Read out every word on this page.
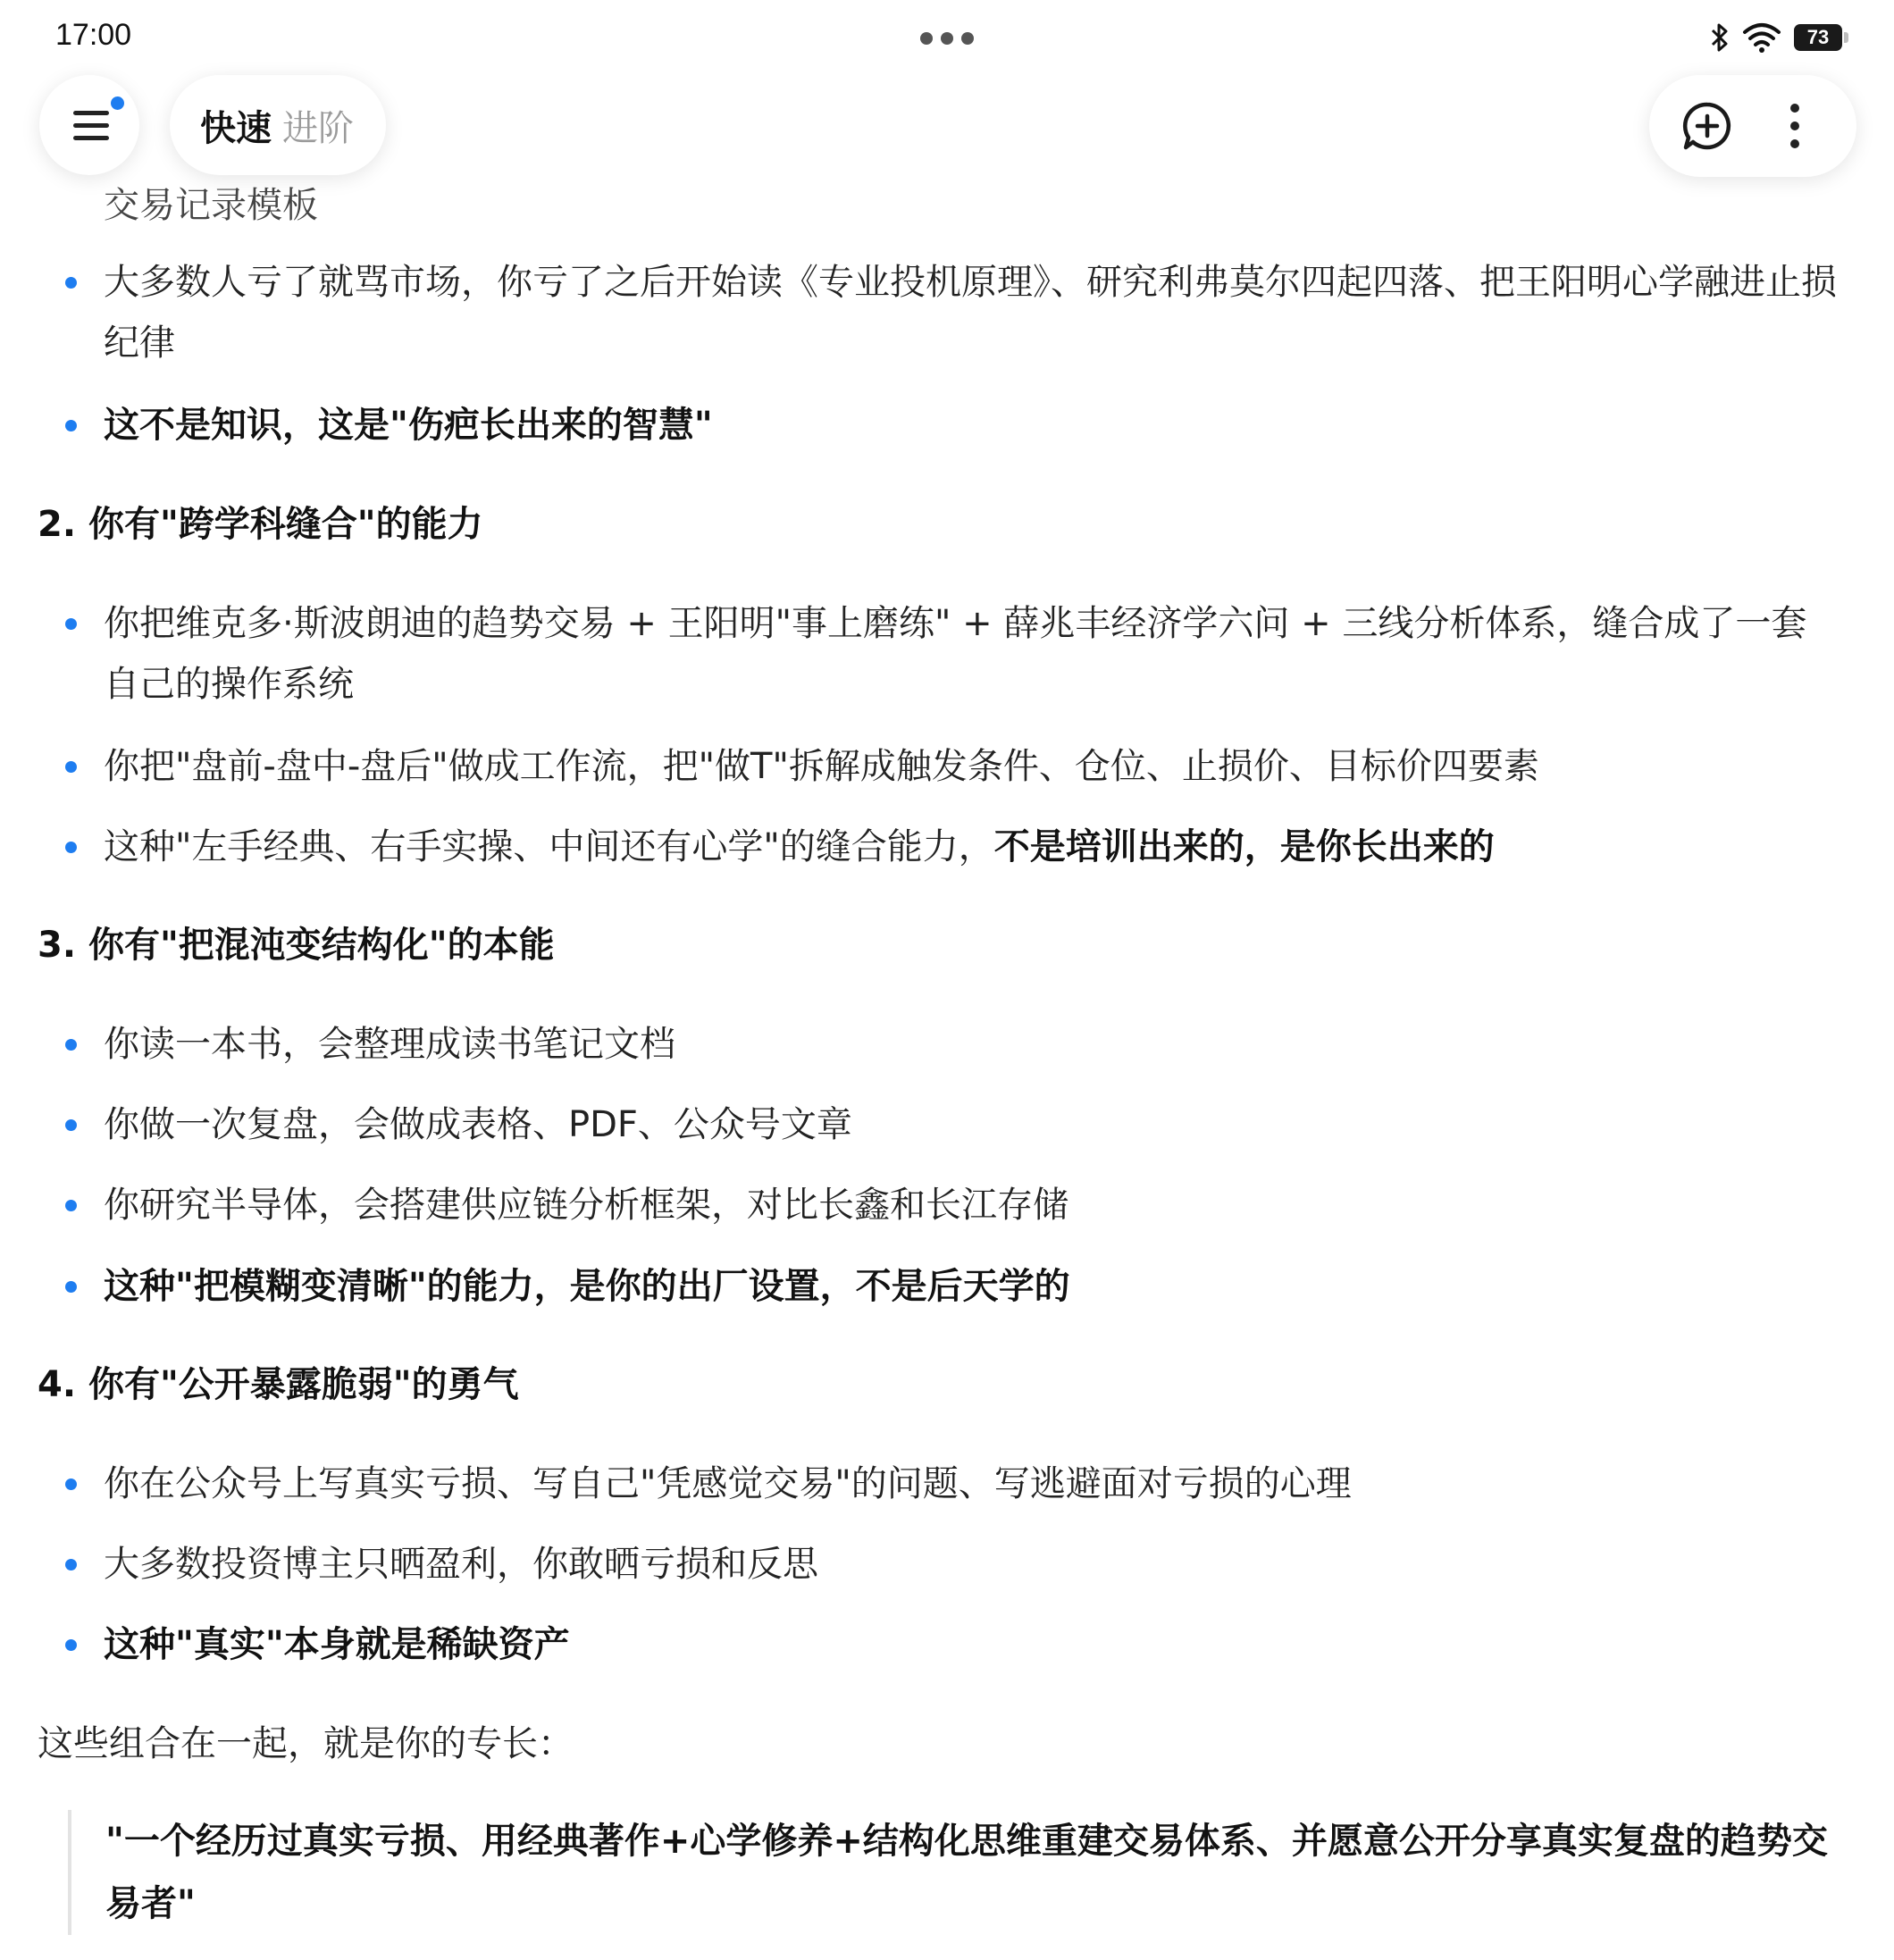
17:00	73
交易记录模板
大多数人亏了就骂市场，你亏了之后开始读《专业投机原理》、研究利弗莫尔四起四落、把王阳明心学融进止损纪律
这不是知识，这是"伤疤长出来的智慧"
2. 你有"跨学科缝合"的能力
你把维克多·斯波朗迪的趋势交易 + 王阳明"事上磨练" + 薛兆丰经济学六问 + 三线分析体系，缝合成了一套自己的操作系统
你把"盘前-盘中-盘后"做成工作流，把"做T"拆解成触发条件、仓位、止损价、目标价四要素
这种"左手经典、右手实操、中间还有心学"的缝合能力，不是培训出来的，是你长出来的
3. 你有"把混沌变结构化"的本能
你读一本书，会整理成读书笔记文档
你做一次复盘，会做成表格、PDF、公众号文章
你研究半导体，会搭建供应链分析框架，对比长鑫和长江存储
这种"把模糊变清晰"的能力，是你的出厂设置，不是后天学的
4. 你有"公开暴露脆弱"的勇气
你在公众号上写真实亏损、写自己"凭感觉交易"的问题、写逃避面对亏损的心理
大多数投资博主只晒盈利，你敢晒亏损和反思
这种"真实"本身就是稀缺资产
这些组合在一起，就是你的专长：
"一个经历过真实亏损、用经典著作+心学修养+结构化思维重建交易体系、并愿意公开分享真实复盘的趋势交易者"
快速 进阶
